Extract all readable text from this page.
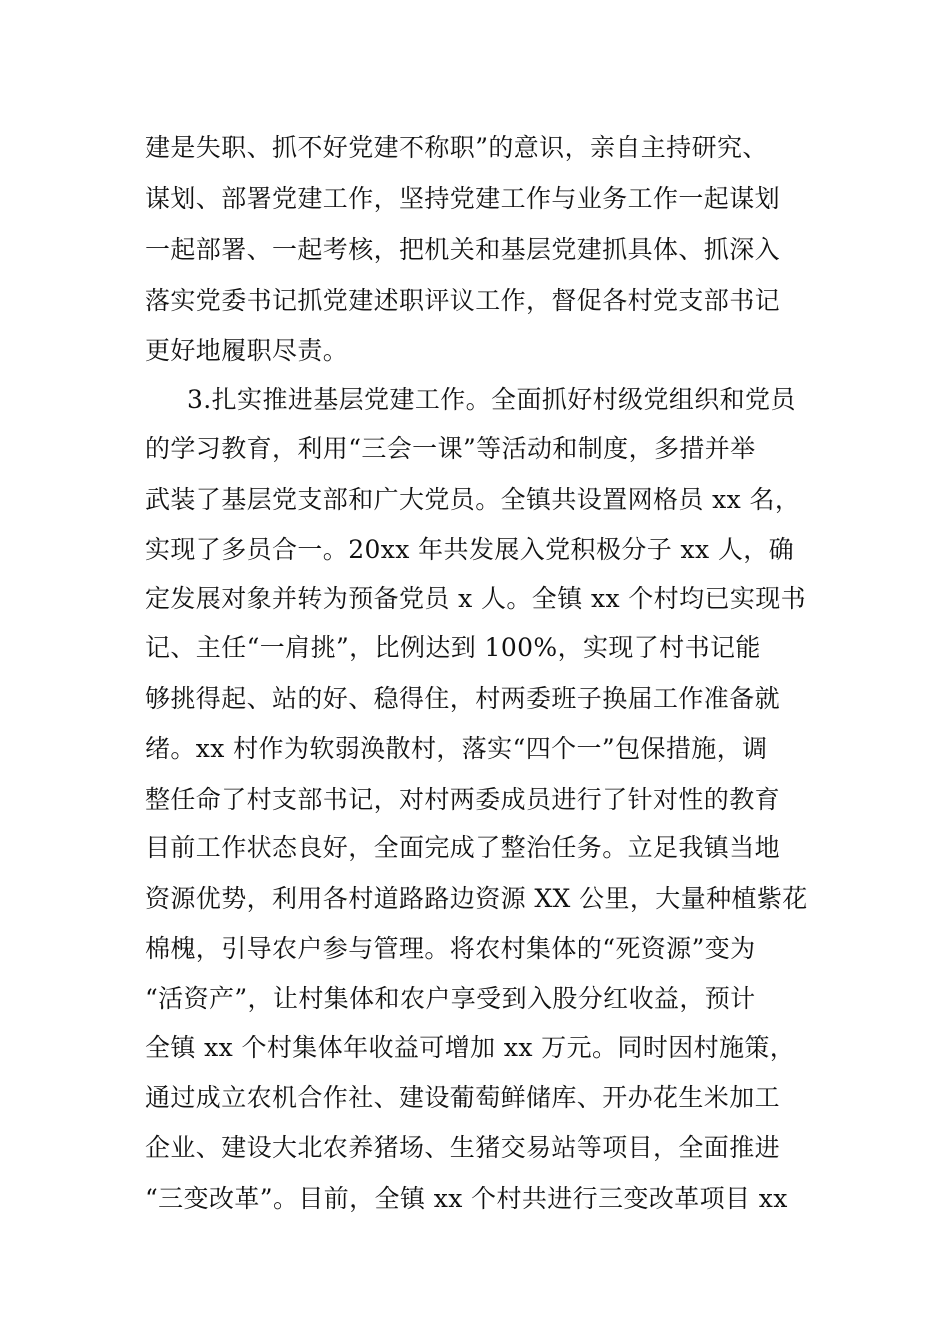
建是失职、抓不好党建不称职”的意识，亲自主持研究、
谋划、部署党建工作，坚持党建工作与业务工作一起谋划
一起部署、一起考核，把机关和基层党建抓具体、抓深入
落实党委书记抓党建述职评议工作，督促各村党支部书记
更好地履职尽责。
3.扎实推进基层党建工作。全面抓好村级党组织和党员
的学习教育，利用“三会一课”等活动和制度，多措并举
武装了基层党支部和广大党员。全镇共设置网格员 xx 名，
实现了多员合一。20xx 年共发展入党积极分子 xx 人，确
定发展对象并转为预备党员 x 人。全镇 xx 个村均已实现书
记、主任“一肩挑”，比例达到 100%，实现了村书记能
够挑得起、站的好、稳得住，村两委班子换届工作准备就
绪。xx 村作为软弱涣散村，落实“四个一”包保措施，调
整任命了村支部书记，对村两委成员进行了针对性的教育
目前工作状态良好，全面完成了整治任务。立足我镇当地
资源优势，利用各村道路路边资源 XX 公里，大量种植紫花
棉槐，引导农户参与管理。将农村集体的“死资源”变为
“活资产”，让村集体和农户享受到入股分红收益，预计
全镇 xx 个村集体年收益可增加 xx 万元。同时因村施策，
通过成立农机合作社、建设葡萄鲜储库、开办花生米加工
企业、建设大北农养猪场、生猪交易站等项目，全面推进
“三变改革”。目前，全镇 xx 个村共进行三变改革项目 xx
